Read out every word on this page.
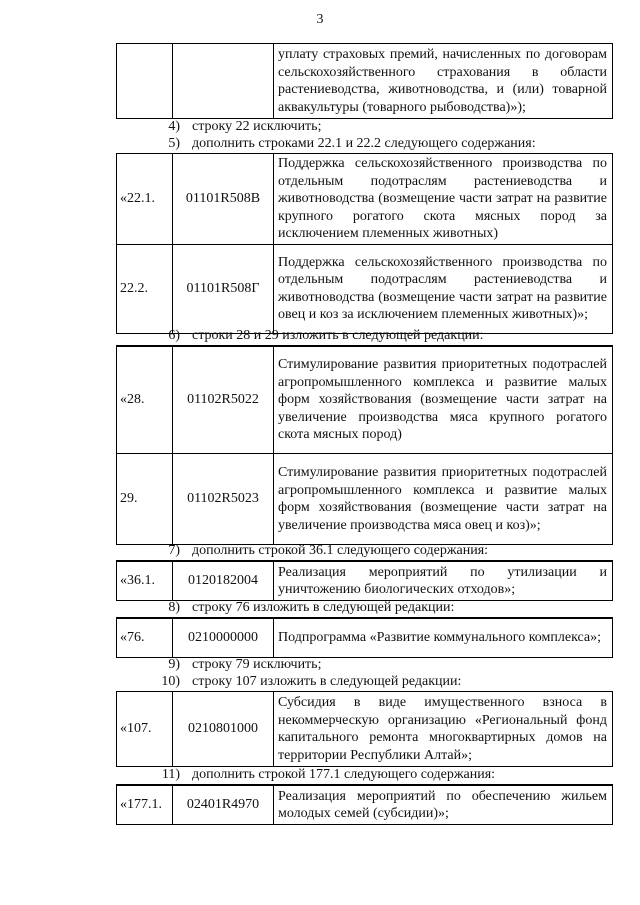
3
		уплату страховых премий, начисленных по договорам сельскохозяйственного страхования в области растениеводства, животноводства, и (или) товарной аквакультуры (товарного рыбоводства)»);
4) строку 22 исключить;
5) дополнить строками 22.1 и 22.2 следующего содержания:
«22.1.	01101R508В	Поддержка сельскохозяйственного производства по отдельным подотраслям растениеводства и животноводства (возмещение части затрат на развитие крупного рогатого скота мясных пород за исключением племенных животных)
22.2.	01101R508Г	Поддержка сельскохозяйственного производства по отдельным подотраслям растениеводства и животноводства (возмещение части затрат на развитие овец и коз за исключением племенных животных)»;
6) строки 28 и 29 изложить в следующей редакции:
«28.	01102R5022	Стимулирование развития приоритетных подотраслей агропромышленного комплекса и развитие малых форм хозяйствования (возмещение части затрат на увеличение производства мяса крупного рогатого скота мясных пород)
29.	01102R5023	Стимулирование развития приоритетных подотраслей агропромышленного комплекса и развитие малых форм хозяйствования (возмещение части затрат на увеличение производства мяса овец и коз)»;
7) дополнить строкой 36.1 следующего содержания:
«36.1.	0120182004	Реализация мероприятий по утилизации и уничтожению биологических отходов»;
8) строку 76 изложить в следующей редакции:
«76.	0210000000	Подпрограмма «Развитие коммунального комплекса»;
9) строку 79 исключить;
10) строку 107 изложить в следующей редакции:
«107.	0210801000	Субсидия в виде имущественного взноса в некоммерческую организацию «Региональный фонд капитального ремонта многоквартирных домов на территории Республики Алтай»;
11) дополнить строкой 177.1 следующего содержания:
«177.1.	02401R4970	Реализация мероприятий по обеспечению жильем молодых семей (субсидии)»;
